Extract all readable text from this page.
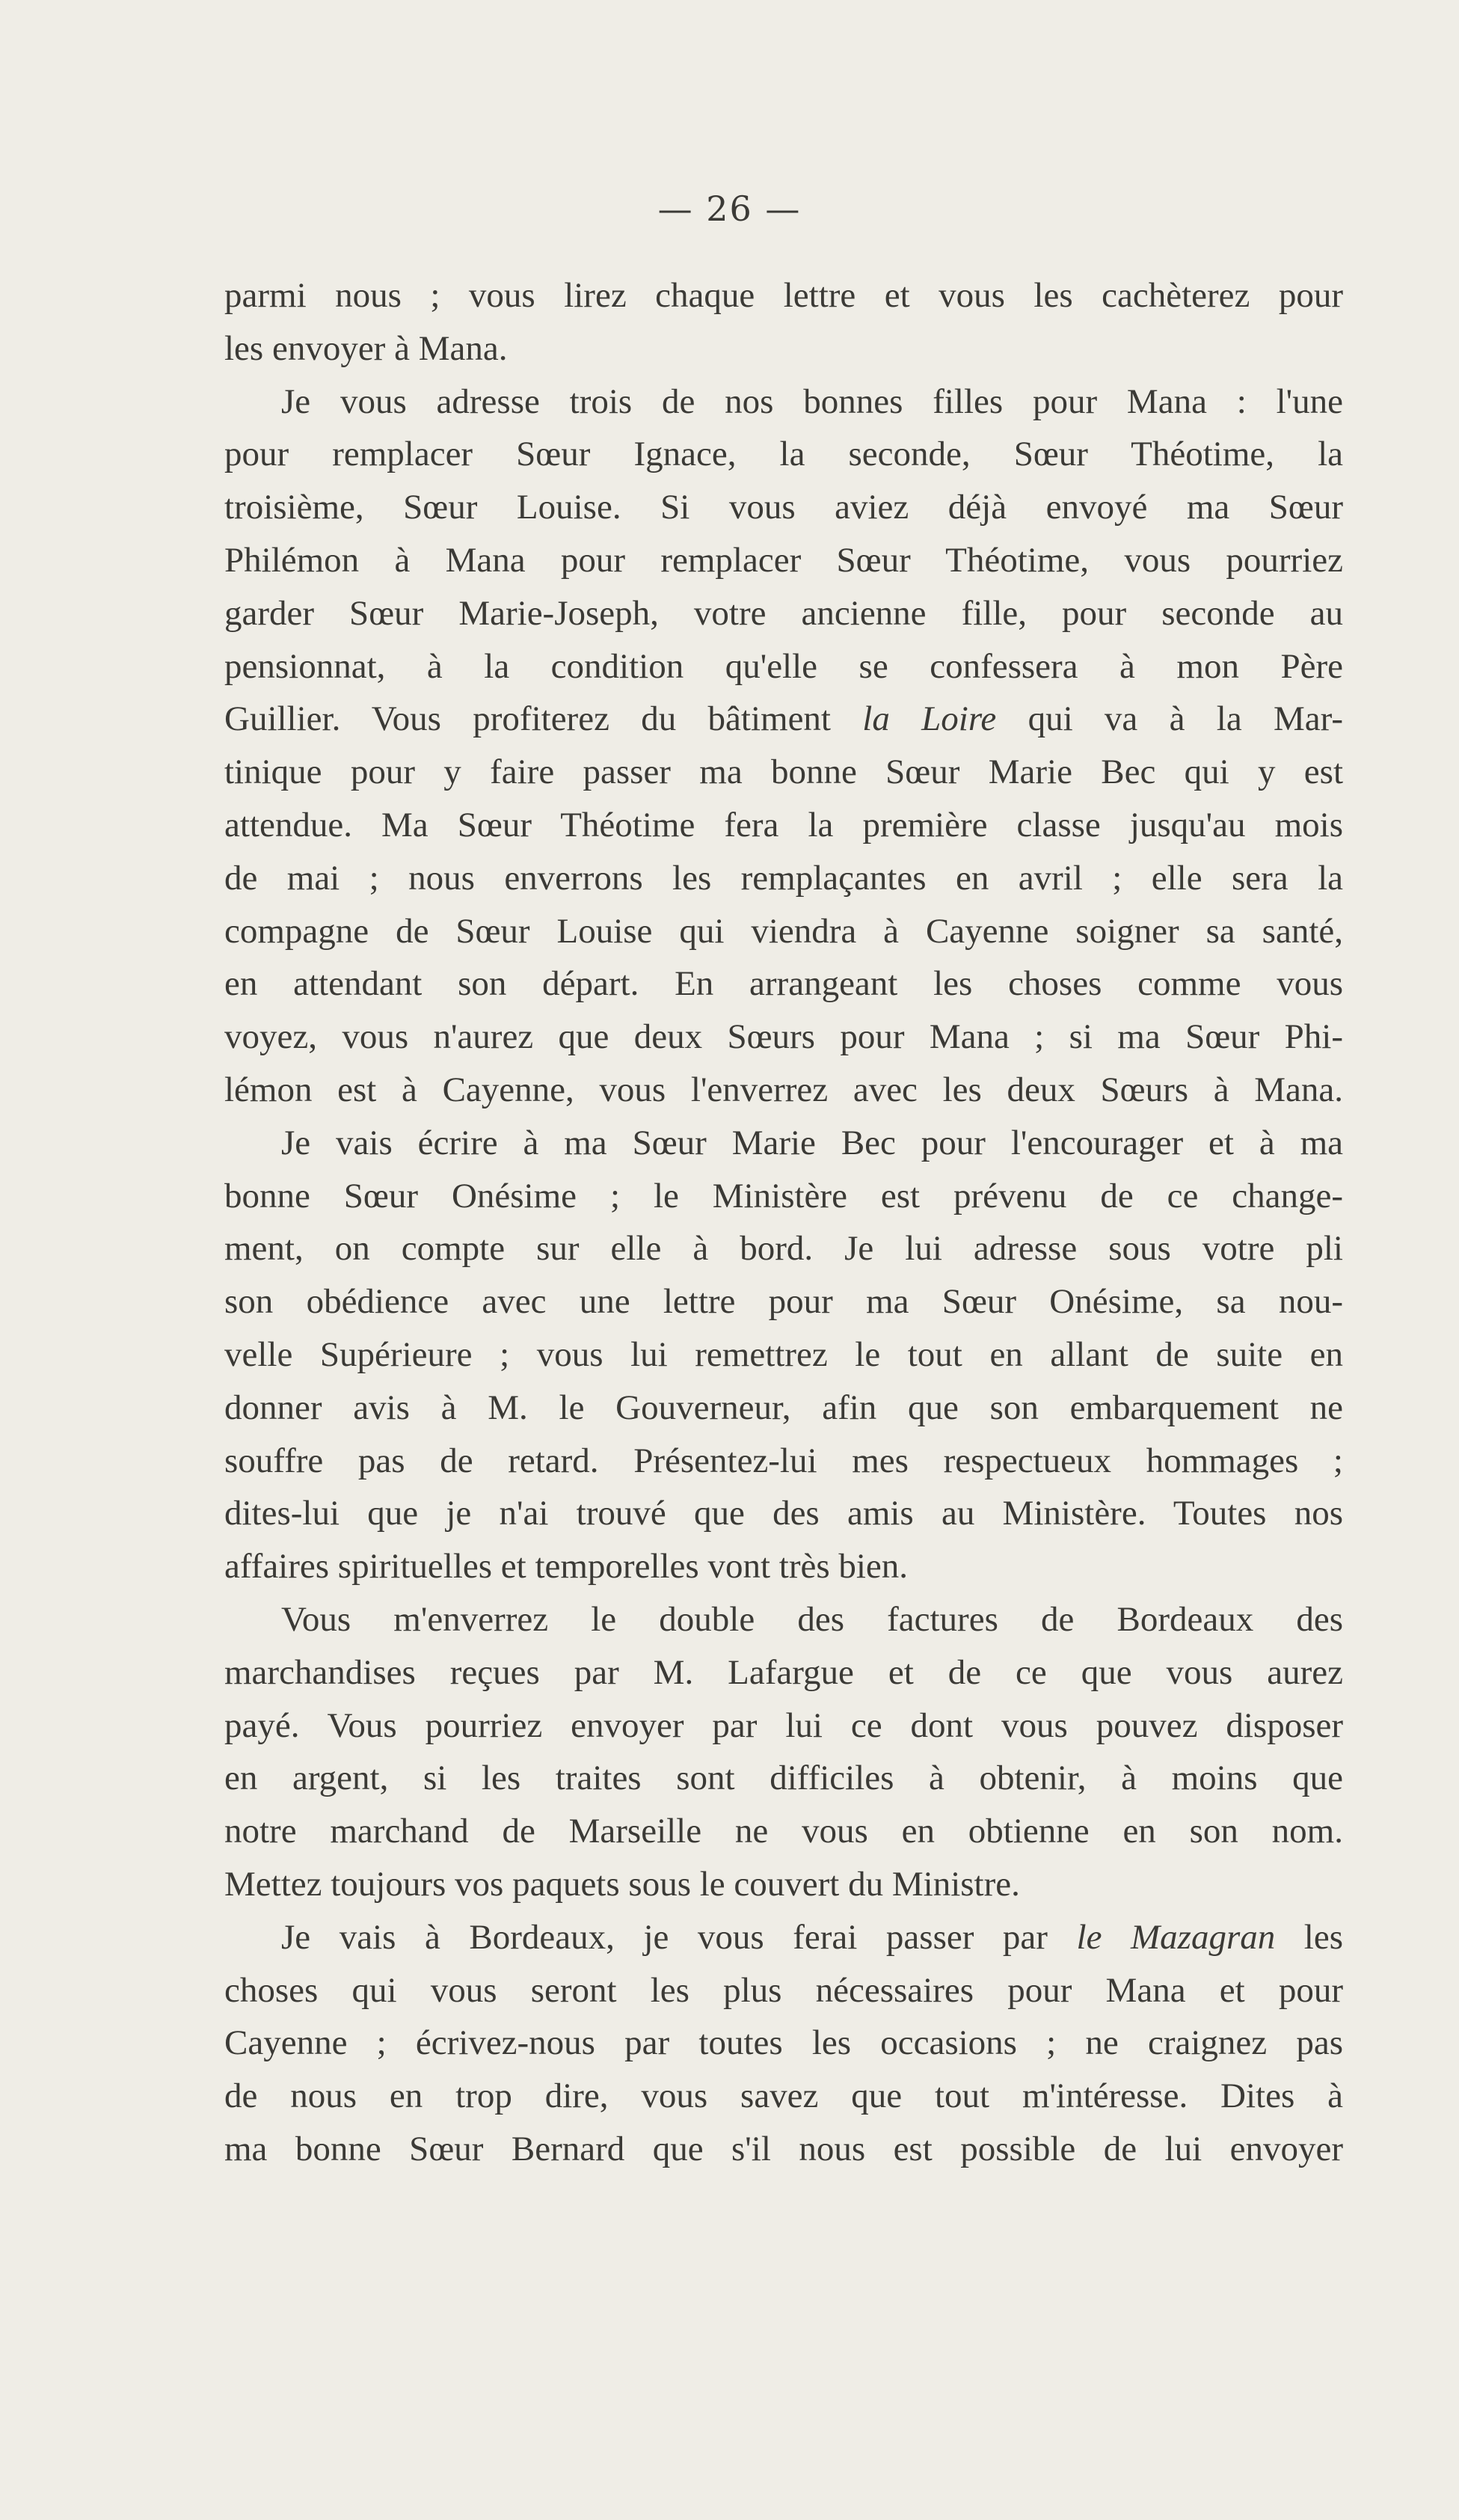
— 26 —
parmi nous ; vous lirez chaque lettre et vous les cachèterez pour
les envoyer à Mana.
Je vous adresse trois de nos bonnes filles pour Mana : l'une
pour remplacer Sœur Ignace, la seconde, Sœur Théotime, la
troisième, Sœur Louise. Si vous aviez déjà envoyé ma Sœur
Philémon à Mana pour remplacer Sœur Théotime, vous pourriez
garder Sœur Marie-Joseph, votre ancienne fille, pour seconde au
pensionnat, à la condition qu'elle se confessera à mon Père
Guillier. Vous profiterez du bâtiment la Loire qui va à la Mar-
tinique pour y faire passer ma bonne Sœur Marie Bec qui y est
attendue. Ma Sœur Théotime fera la première classe jusqu'au mois
de mai ; nous enverrons les remplaçantes en avril ; elle sera la
compagne de Sœur Louise qui viendra à Cayenne soigner sa santé,
en attendant son départ. En arrangeant les choses comme vous
voyez, vous n'aurez que deux Sœurs pour Mana ; si ma Sœur Phi-
lémon est à Cayenne, vous l'enverrez avec les deux Sœurs à Mana.
Je vais écrire à ma Sœur Marie Bec pour l'encourager et à ma
bonne Sœur Onésime ; le Ministère est prévenu de ce change-
ment, on compte sur elle à bord. Je lui adresse sous votre pli
son obédience avec une lettre pour ma Sœur Onésime, sa nou-
velle Supérieure ; vous lui remettrez le tout en allant de suite en
donner avis à M. le Gouverneur, afin que son embarquement ne
souffre pas de retard. Présentez-lui mes respectueux hommages ;
dites-lui que je n'ai trouvé que des amis au Ministère. Toutes nos
affaires spirituelles et temporelles vont très bien.
Vous m'enverrez le double des factures de Bordeaux des
marchandises reçues par M. Lafargue et de ce que vous aurez
payé. Vous pourriez envoyer par lui ce dont vous pouvez disposer
en argent, si les traites sont difficiles à obtenir, à moins que
notre marchand de Marseille ne vous en obtienne en son nom.
Mettez toujours vos paquets sous le couvert du Ministre.
Je vais à Bordeaux, je vous ferai passer par le Mazagran les
choses qui vous seront les plus nécessaires pour Mana et pour
Cayenne ; écrivez-nous par toutes les occasions ; ne craignez pas
de nous en trop dire, vous savez que tout m'intéresse. Dites à
ma bonne Sœur Bernard que s'il nous est possible de lui envoyer
